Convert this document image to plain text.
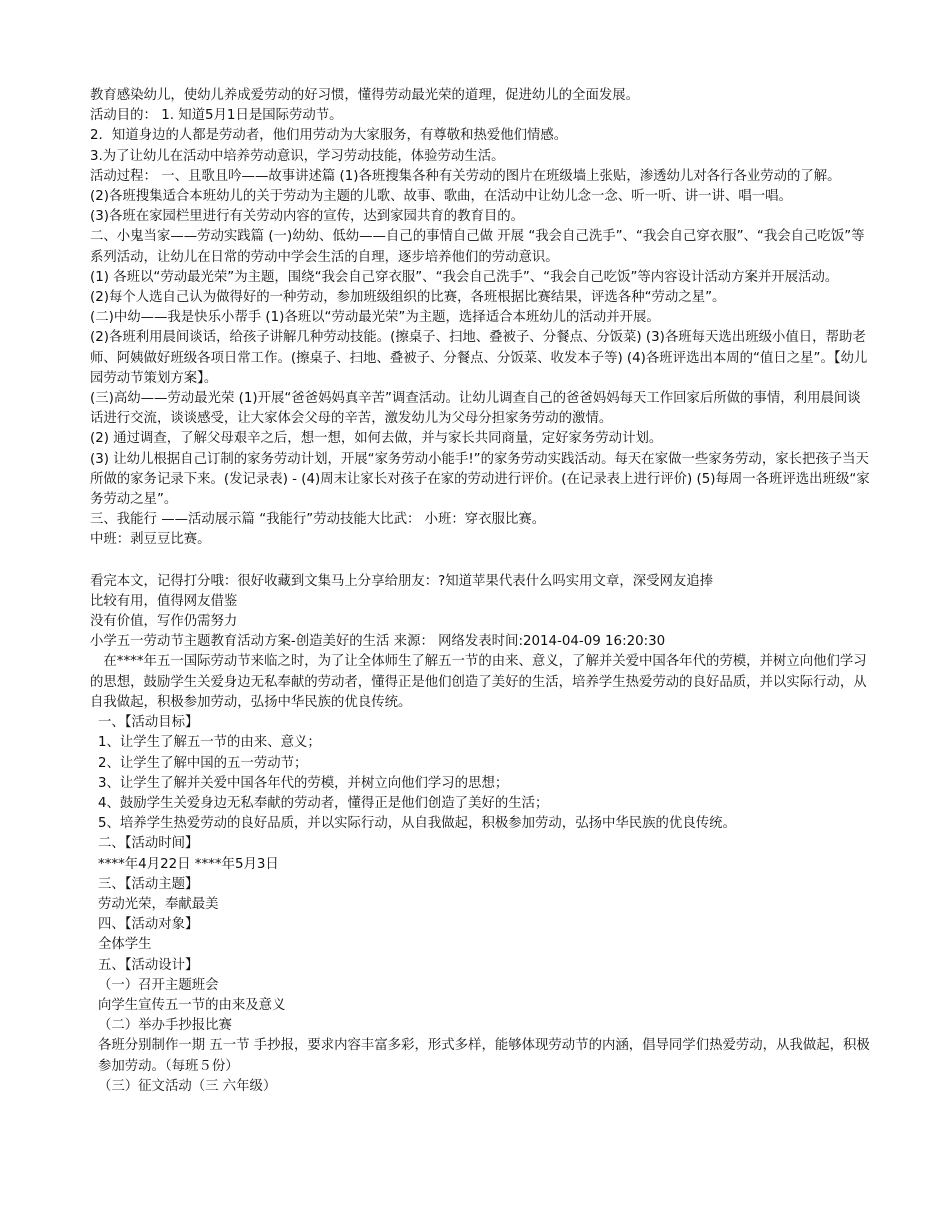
教育感染幼儿，使幼儿养成爱劳动的好习惯，懂得劳动最光荣的道理，促进幼儿的全面发展。

活动目的： 1. 知道5月1日是国际劳动节。

2．知道身边的人都是劳动者，他们用劳动为大家服务，有尊敬和热爱他们情感。

3.为了让幼儿在活动中培养劳动意识，学习劳动技能，体验劳动生活。

活动过程： 一、且歌且吟——故事讲述篇 (1)各班搜集各种有关劳动的图片在班级墙上张贴，渗透幼儿对各行各业劳动的了解。

(2)各班搜集适合本班幼儿的关于劳动为主题的儿歌、故事、歌曲，在活动中让幼儿念一念、听一听、讲一讲、唱一唱。

(3)各班在家园栏里进行有关劳动内容的宣传，达到家园共育的教育目的。

二、小鬼当家——劳动实践篇 (一)幼幼、低幼——自己的事情自己做 开展 “我会自己洗手”、“我会自己穿衣服”、“我会自己吃饭”等系列活动，让幼儿在日常的劳动中学会生活的自理，逐步培养他们的劳动意识。

(1) 各班以“劳动最光荣”为主题，围绕“我会自己穿衣服”、“我会自己洗手”、“我会自己吃饭”等内容设计活动方案并开展活动。

(2)每个人选自己认为做得好的一种劳动，参加班级组织的比赛，各班根据比赛结果，评选各种“劳动之星”。

(二)中幼——我是快乐小帮手 (1)各班以“劳动最光荣”为主题，选择适合本班幼儿的活动并开展。

(2)各班利用晨间谈话，给孩子讲解几种劳动技能。(擦桌子、扫地、叠被子、分餐点、分饭菜) (3)各班每天选出班级小值日，帮助老师、阿姨做好班级各项日常工作。(擦桌子、扫地、叠被子、分餐点、分饭菜、收发本子等) (4)各班评选出本周的“值日之星”。【幼儿园劳动节策划方案】。

(三)高幼——劳动最光荣 (1)开展“爸爸妈妈真辛苦”调查活动。让幼儿调查自己的爸爸妈妈每天工作回家后所做的事情，利用晨间谈话进行交流，谈谈感受，让大家体会父母的辛苦，激发幼儿为父母分担家务劳动的激情。

(2) 通过调查，了解父母艰辛之后，想一想，如何去做，并与家长共同商量，定好家务劳动计划。

(3) 让幼儿根据自己订制的家务劳动计划，开展“家务劳动小能手!”的家务劳动实践活动。每天在家做一些家务劳动，家长把孩子当天所做的家务记录下来。(发记录表) - (4)周末让家长对孩子在家的劳动进行评价。(在记录表上进行评价) (5)每周一各班评选出班级“家务劳动之星”。

三、我能行 ——活动展示篇 “我能行”劳动技能大比武： 小班：穿衣服比赛。

中班：剥豆豆比赛。

看完本文，记得打分哦：很好收藏到文集马上分享给朋友：?知道苹果代表什么吗实用文章，深受网友追捧

比较有用，值得网友借鉴

没有价值，写作仍需努力

小学五一劳动节主题教育活动方案-创造美好的生活 来源： 网络发表时间:2014-04-09 16:20:30

　在****年五一国际劳动节来临之时，为了让全体师生了解五一节的由来、意义，了解并关爱中国各年代的劳模，并树立向他们学习的思想，鼓励学生关爱身边无私奉献的劳动者，懂得正是他们创造了美好的生活，培养学生热爱劳动的良好品质，并以实际行动，从自我做起，积极参加劳动，弘扬中华民族的优良传统。

一、【活动目标】

1、让学生了解五一节的由来、意义；

2、让学生了解中国的五一劳动节；

3、让学生了解并关爱中国各年代的劳模，并树立向他们学习的思想；

4、鼓励学生关爱身边无私奉献的劳动者，懂得正是他们创造了美好的生活；

5、培养学生热爱劳动的良好品质，并以实际行动，从自我做起，积极参加劳动，弘扬中华民族的优良传统。

二、【活动时间】

****年4月22日 ****年5月3日

三、【活动主题】

劳动光荣，奉献最美

四、【活动对象】

全体学生

五、【活动设计】

（一）召开主题班会

向学生宣传五一节的由来及意义

（二）举办手抄报比赛

各班分别制作一期 五一节 手抄报，要求内容丰富多彩，形式多样，能够体现劳动节的内涵，倡导同学们热爱劳动，从我做起，积极参加劳动。（每班５份）

（三）征文活动（三 六年级）
